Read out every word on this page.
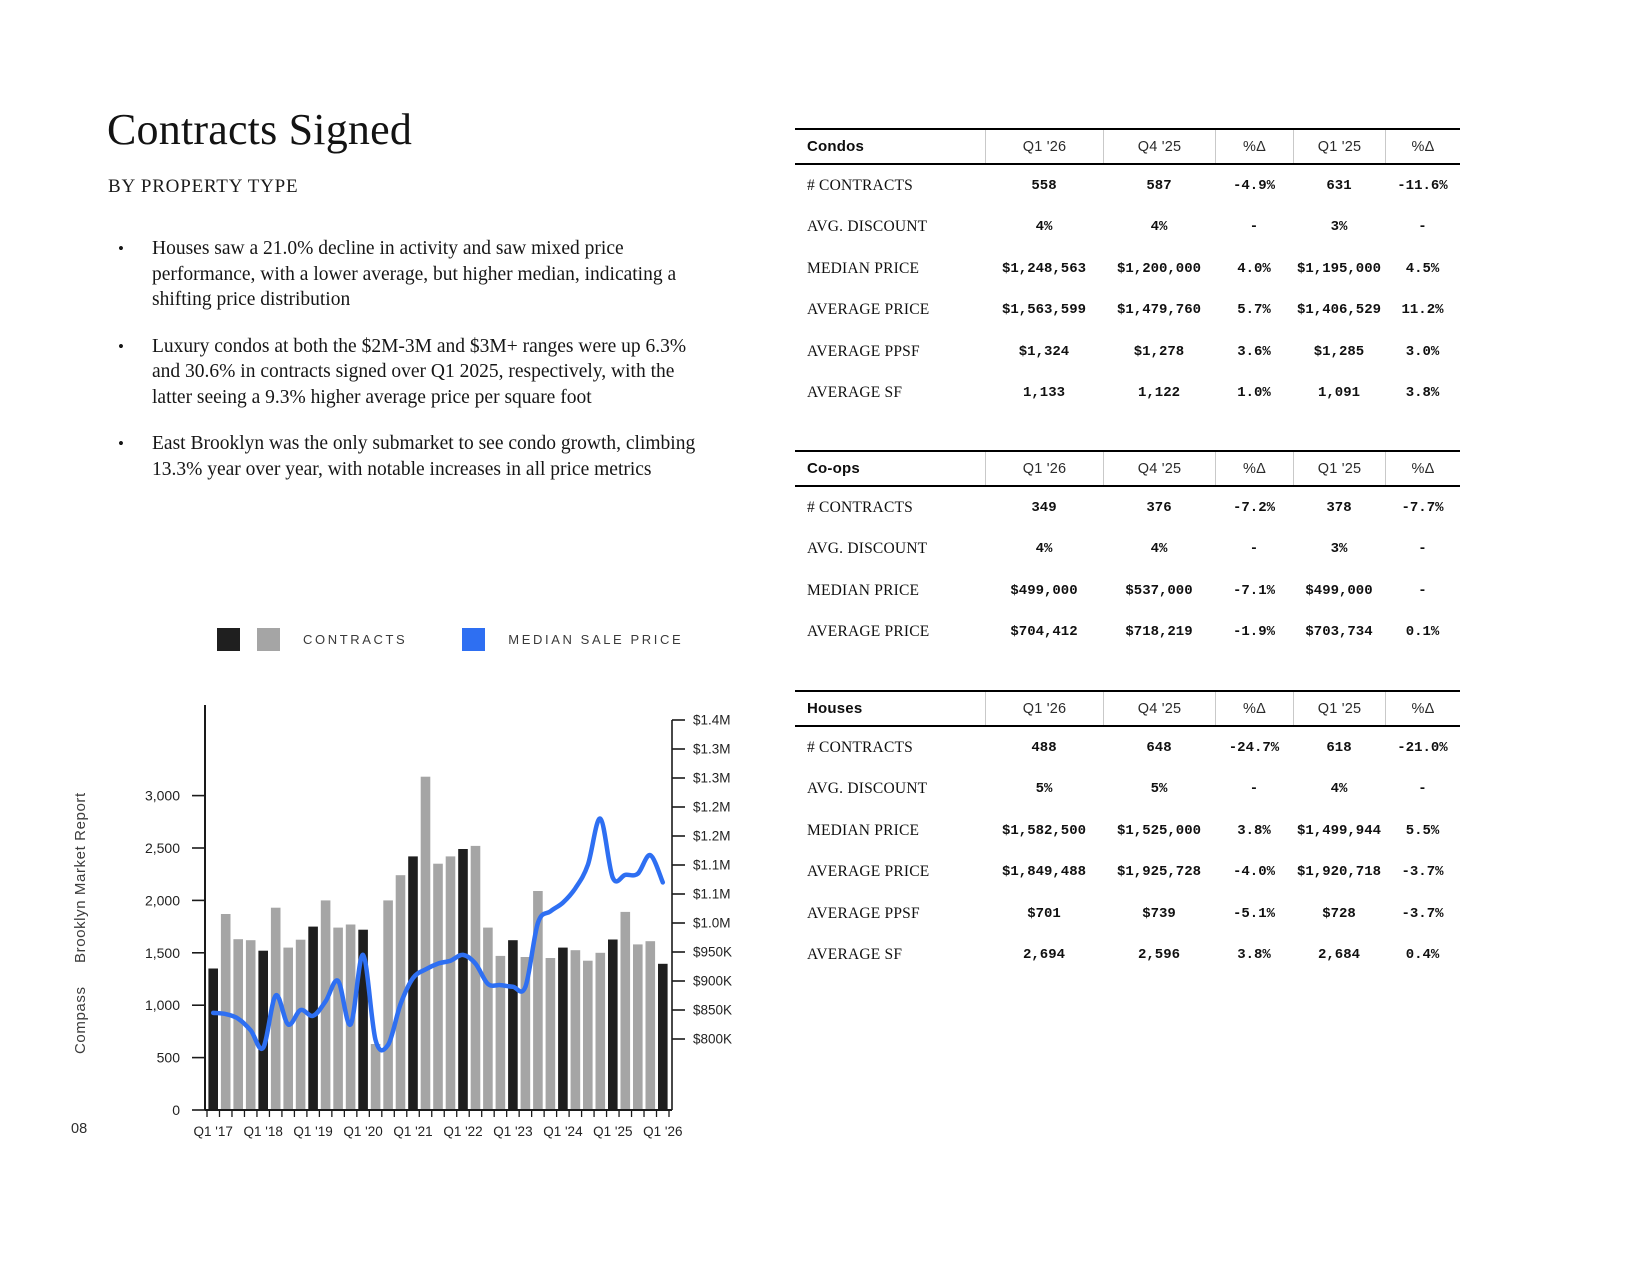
Contracts Signed
BY PROPERTY TYPE
•	Houses saw a 21.0% decline in activity and saw mixed price performance, with a lower average, but higher median, indicating a shifting price distribution
•	Luxury condos at both the $2M-3M and $3M+ ranges were up 6.3% and 30.6% in contracts signed over Q1 2025, respectively, with the latter seeing a 9.3% higher average price per square foot
•	East Brooklyn was the only submarket to see condo growth, climbing 13.3% year over year, with notable increases in all price metrics
CONTRACTS	MEDIAN SALE PRICE
0
500
1,000
1,500
2,000
2,500
3,000
$800K
$850K
$900K
$950K
$1.0M
$1.1M
$1.1M
$1.2M
$1.2M
$1.3M
$1.3M
$1.4M
Q1 '17 Q1 '18 Q1 '19 Q1 '20 Q1 '21 Q1 '22 Q1 '23 Q1 '24 Q1 '25 Q1 '26
Brooklyn Market Report
Compass
08
Condos	Q1 '26	Q4 '25	%Δ	Q1 '25	%Δ
# CONTRACTS	558	587	-4.9%	631	-11.6%
AVG. DISCOUNT	4%	4%	-	3%	-
MEDIAN PRICE	$1,248,563	$1,200,000	4.0%	$1,195,000	4.5%
AVERAGE PRICE	$1,563,599	$1,479,760	5.7%	$1,406,529	11.2%
AVERAGE PPSF	$1,324	$1,278	3.6%	$1,285	3.0%
AVERAGE SF	1,133	1,122	1.0%	1,091	3.8%
Co-ops	Q1 '26	Q4 '25	%Δ	Q1 '25	%Δ
# CONTRACTS	349	376	-7.2%	378	-7.7%
AVG. DISCOUNT	4%	4%	-	3%	-
MEDIAN PRICE	$499,000	$537,000	-7.1%	$499,000	-
AVERAGE PRICE	$704,412	$718,219	-1.9%	$703,734	0.1%
Houses	Q1 '26	Q4 '25	%Δ	Q1 '25	%Δ
# CONTRACTS	488	648	-24.7%	618	-21.0%
AVG. DISCOUNT	5%	5%	-	4%	-
MEDIAN PRICE	$1,582,500	$1,525,000	3.8%	$1,499,944	5.5%
AVERAGE PRICE	$1,849,488	$1,925,728	-4.0%	$1,920,718	-3.7%
AVERAGE PPSF	$701	$739	-5.1%	$728	-3.7%
AVERAGE SF	2,694	2,596	3.8%	2,684	0.4%
